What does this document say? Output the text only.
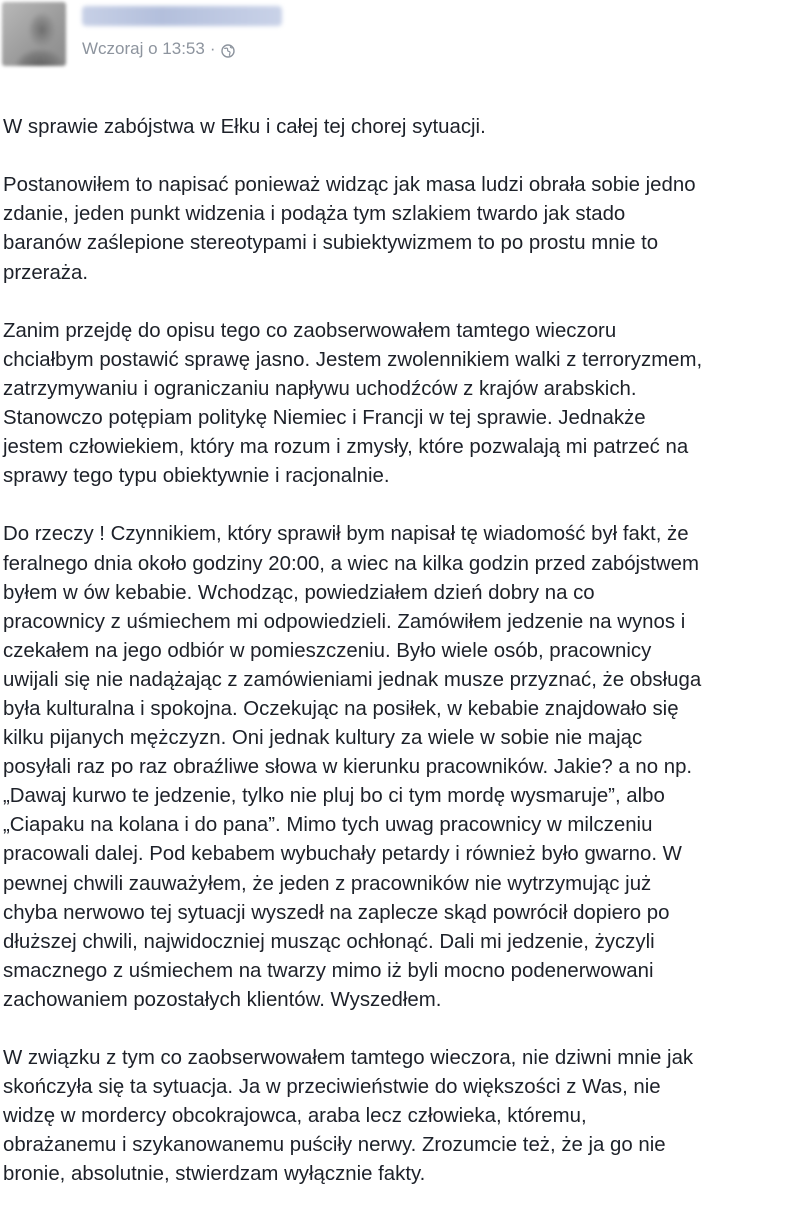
Wczoraj o 13:53 ·

W sprawie zabójstwa w Ełku i całej tej chorej sytuacji.

Postanowiłem to napisać ponieważ widząc jak masa ludzi obrała sobie jedno
zdanie, jeden punkt widzenia i podąża tym szlakiem twardo jak stado
baranów zaślepione stereotypami i subiektywizmem to po prostu mnie to
przeraża.

Zanim przejdę do opisu tego co zaobserwowałem tamtego wieczoru
chciałbym postawić sprawę jasno. Jestem zwolennikiem walki z terroryzmem,
zatrzymywaniu i ograniczaniu napływu uchodźców z krajów arabskich.
Stanowczo potępiam politykę Niemiec i Francji w tej sprawie. Jednakże
jestem człowiekiem, który ma rozum i zmysły, które pozwalają mi patrzeć na
sprawy tego typu obiektywnie i racjonalnie.

Do rzeczy ! Czynnikiem, który sprawił bym napisał tę wiadomość był fakt, że
feralnego dnia około godziny 20:00, a wiec na kilka godzin przed zabójstwem
byłem w ów kebabie. Wchodząc, powiedziałem dzień dobry na co
pracownicy z uśmiechem mi odpowiedzieli. Zamówiłem jedzenie na wynos i
czekałem na jego odbiór w pomieszczeniu. Było wiele osób, pracownicy
uwijali się nie nadążając z zamówieniami jednak musze przyznać, że obsługa
była kulturalna i spokojna. Oczekując na posiłek, w kebabie znajdowało się
kilku pijanych mężczyzn. Oni jednak kultury za wiele w sobie nie mając
posyłali raz po raz obraźliwe słowa w kierunku pracowników. Jakie? a no np.
„Dawaj kurwo te jedzenie, tylko nie pluj bo ci tym mordę wysmaruje”, albo
„Ciapaku na kolana i do pana”. Mimo tych uwag pracownicy w milczeniu
pracowali dalej. Pod kebabem wybuchały petardy i również było gwarno. W
pewnej chwili zauważyłem, że jeden z pracowników nie wytrzymując już
chyba nerwowo tej sytuacji wyszedł na zaplecze skąd powrócił dopiero po
dłuższej chwili, najwidoczniej musząc ochłonąć. Dali mi jedzenie, życzyli
smacznego z uśmiechem na twarzy mimo iż byli mocno podenerwowani
zachowaniem pozostałych klientów. Wyszedłem.

W związku z tym co zaobserwowałem tamtego wieczora, nie dziwni mnie jak
skończyła się ta sytuacja. Ja w przeciwieństwie do większości z Was, nie
widzę w mordercy obcokrajowca, araba lecz człowieka, któremu,
obrażanemu i szykanowanemu puściły nerwy. Zrozumcie też, że ja go nie
bronie, absolutnie, stwierdzam wyłącznie fakty.
